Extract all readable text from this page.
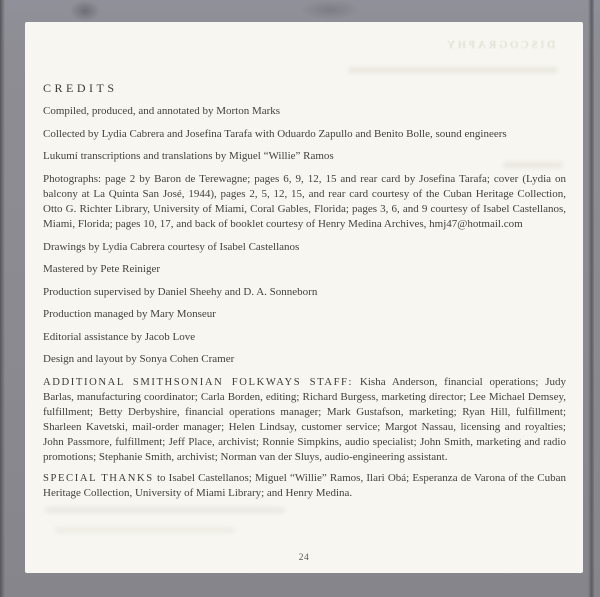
DISCOGRAPHY
CREDITS
Compiled, produced, and annotated by Morton Marks
Collected by Lydia Cabrera and Josefina Tarafa with Oduardo Zapullo and Benito Bolle, sound engineers
Lukumí transcriptions and translations by Miguel “Willie” Ramos

Photographs: page 2 by Baron de Terewagne; pages 6, 9, 12, 15 and rear card by Josefina Tarafa; cover (Lydia on balcony at La Quinta San José, 1944), pages 2, 5, 12, 15, and rear card courtesy of the Cuban Heritage Collection, Otto G. Richter Library, University of Miami, Coral Gables, Florida; pages 3, 6, and 9 courtesy of Isabel Castellanos, Miami, Florida; pages 10, 17, and back of booklet courtesy of Henry Medina Archives, hmj47@hotmail.com

Drawings by Lydia Cabrera courtesy of Isabel Castellanos
Mastered by Pete Reiniger
Production supervised by Daniel Sheehy and D. A. Sonneborn
Production managed by Mary Monseur
Editorial assistance by Jacob Love
Design and layout by Sonya Cohen Cramer

ADDITIONAL SMITHSONIAN FOLKWAYS STAFF: Kisha Anderson, financial operations; Judy Barlas, manufacturing coordinator; Carla Borden, editing; Richard Burgess, marketing director; Lee Michael Demsey, fulfillment; Betty Derbyshire, financial operations manager; Mark Gustafson, marketing; Ryan Hill, fulfillment; Sharleen Kavetski, mail-order manager; Helen Lindsay, customer service; Margot Nassau, licensing and royalties; John Passmore, fulfillment; Jeff Place, archivist; Ronnie Simpkins, audio specialist; John Smith, marketing and radio promotions; Stephanie Smith, archivist; Norman van der Sluys, audio-engineering assistant.

SPECIAL THANKS to Isabel Castellanos; Miguel “Willie” Ramos, Ilari Obá; Esperanza de Varona of the Cuban Heritage Collection, University of Miami Library; and Henry Medina.

24
